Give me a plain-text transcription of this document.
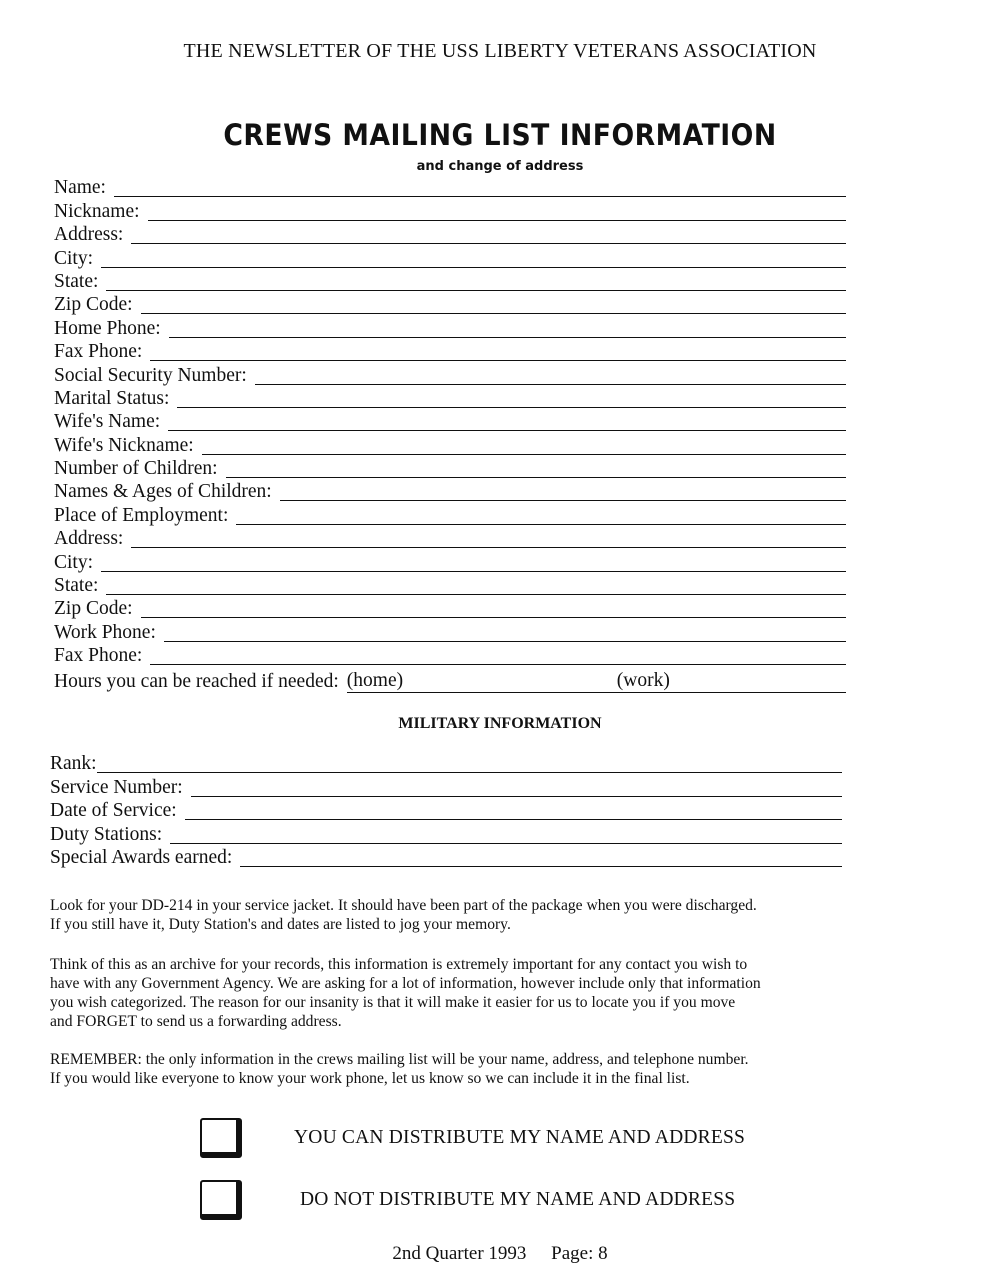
THE NEWSLETTER OF THE USS LIBERTY VETERANS ASSOCIATION
CREWS MAILING LIST INFORMATION
and change of address
Name:
Nickname:
Address:
City:
State:
Zip Code:
Home Phone:
Fax Phone:
Social Security Number:
Marital Status:
Wife's Name:
Wife's Nickname:
Number of Children:
Names & Ages of Children:
Place of Employment:
Address:
City:
State:
Zip Code:
Work Phone:
Fax Phone:
Hours you can be reached if needed: (home)	(work)
MILITARY INFORMATION
Rank:
Service Number:
Date of Service:
Duty Stations:
Special Awards earned:
Look for your DD-214 in your service jacket. It should have been part of the package when you were discharged.
If you still have it, Duty Station's and dates are listed to jog your memory.
Think of this as an archive for your records, this information is extremely important for any contact you wish to
have with any Government Agency. We are asking for a lot of information, however include only that information
you wish categorized. The reason for our insanity is that it will make it easier for us to locate you if you move
and FORGET to send us a forwarding address.
REMEMBER: the only information in the crews mailing list will be your name, address, and telephone number.
If you would like everyone to know your work phone, let us know so we can include it in the final list.
YOU CAN DISTRIBUTE MY NAME AND ADDRESS
DO NOT DISTRIBUTE MY NAME AND ADDRESS
2nd Quarter 1993 Page: 8
